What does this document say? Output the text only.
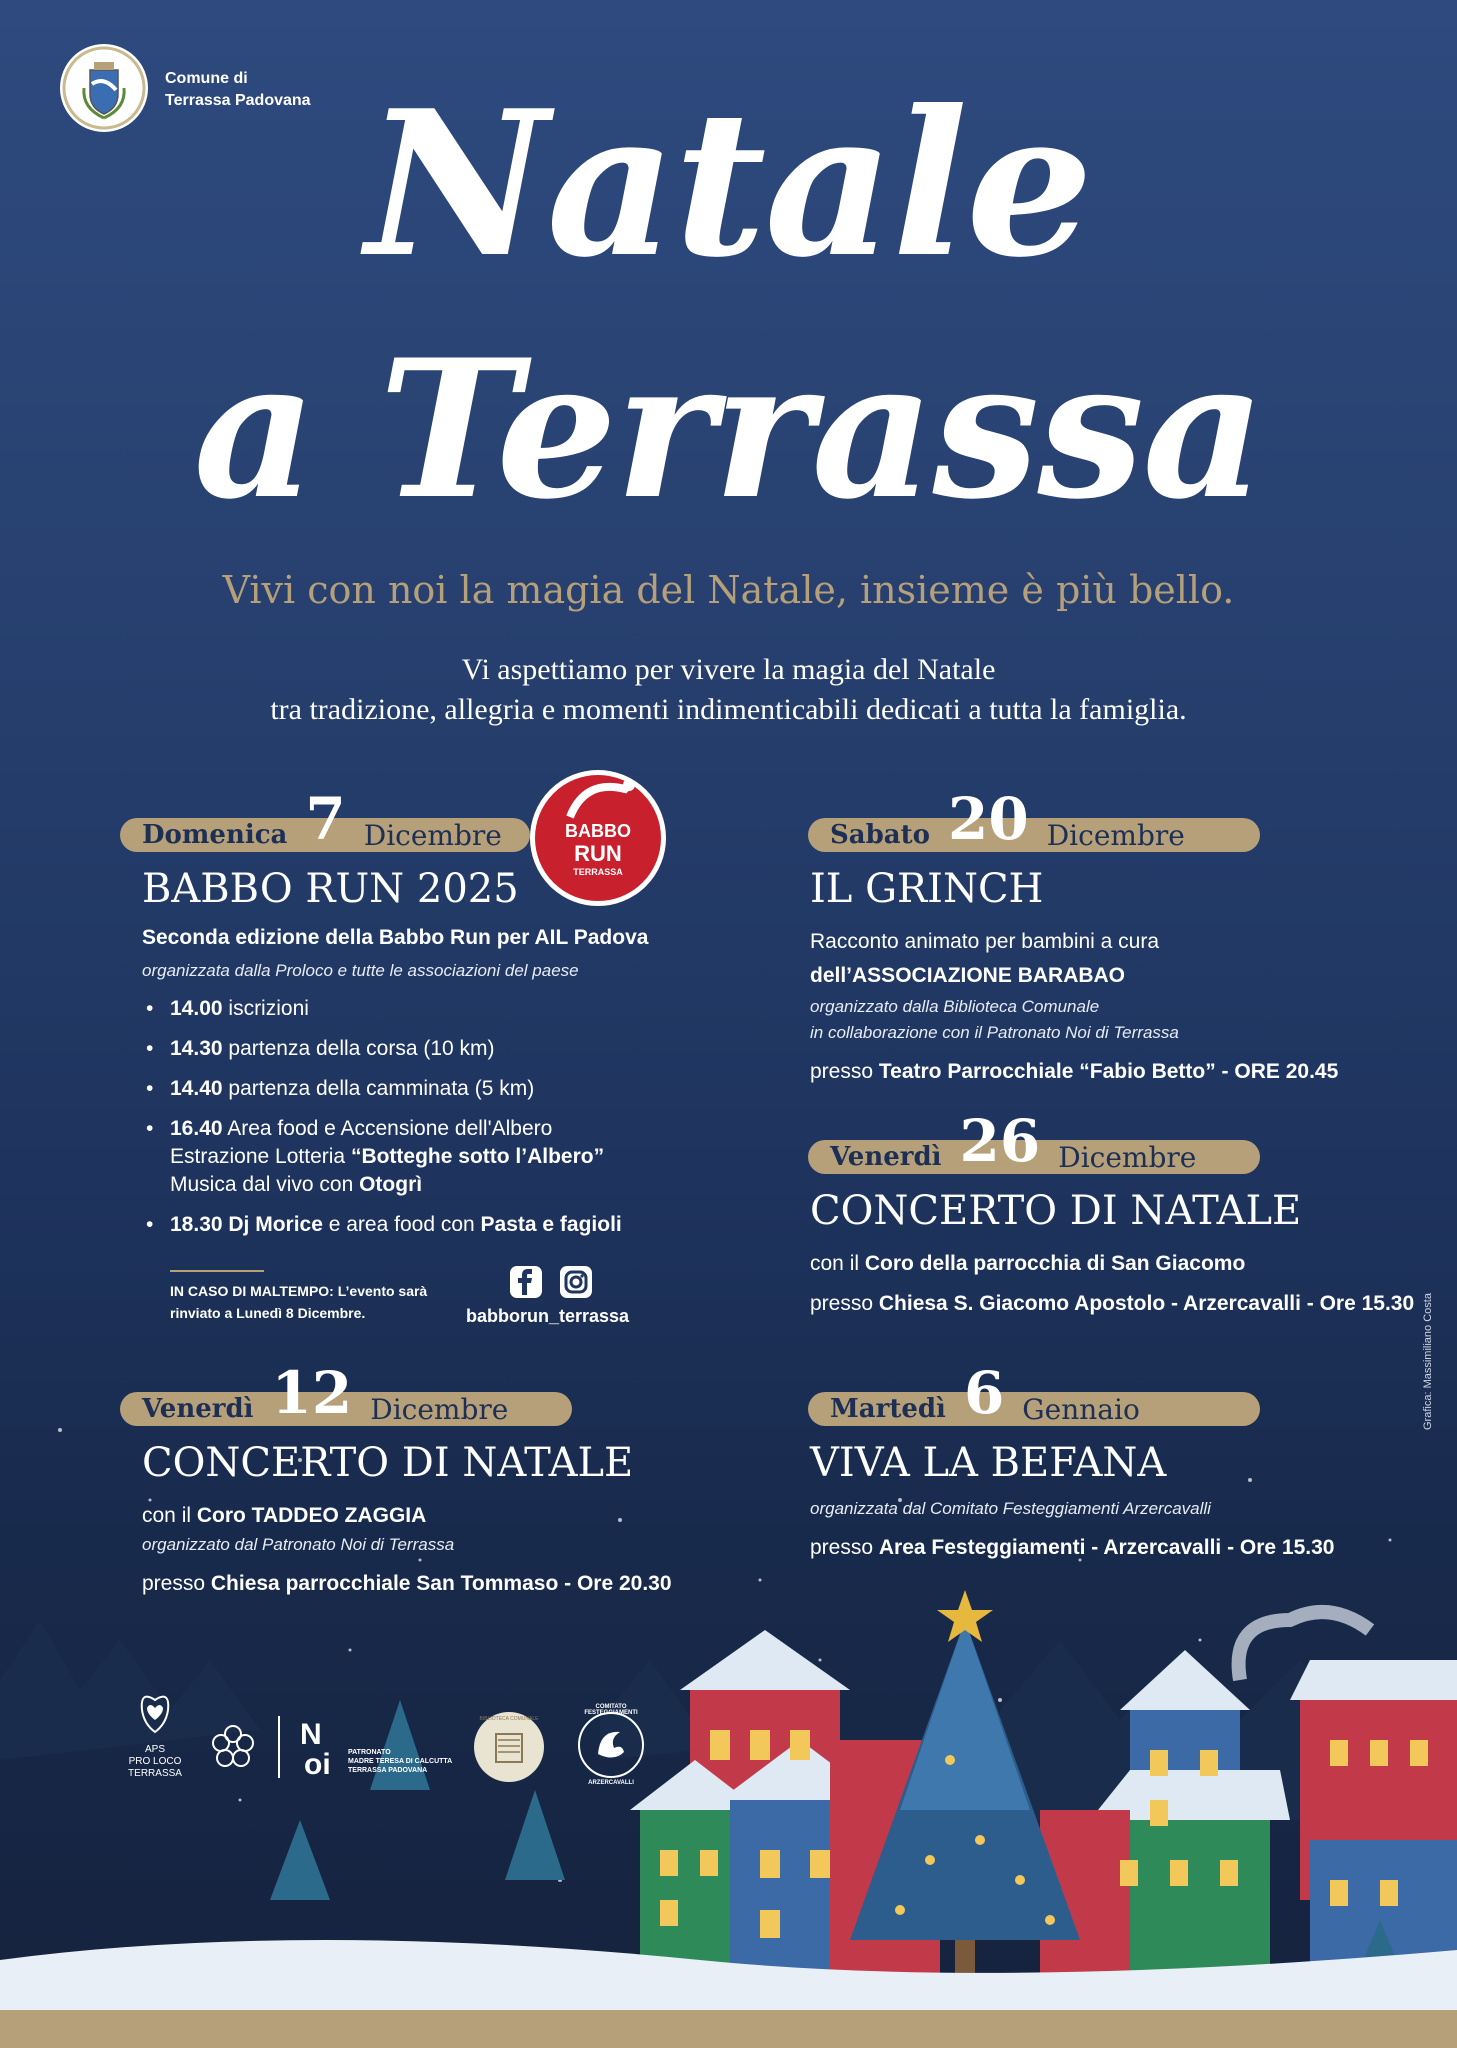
Comune di
Terrassa Padovana Natale
a Terrassa
Vivi con noi la magia del Natale, insieme è più bello.
Vi aspettiamo per vivere la magia del Natale
tra tradizione, allegria e momenti indimenticabili dedicati a tutta la famiglia.
Domenica 7 Dicembre	BABBO
RUN
TERRASSA
BABBO RUN 2025
Seconda edizione della Babbo Run per AIL Padova
organizzata dalla Proloco e tutte le associazioni del paese
• 14.00 iscrizioni
• 14.30 partenza della corsa (10 km)
• 14.40 partenza della camminata (5 km)
• 16.40 Area food e Accensione dell'Albero
Estrazione Lotteria “Botteghe sotto l’Albero”
Musica dal vivo con Otogrì
• 18.30 Dj Morice e area food con Pasta e fagioli
IN CASO DI MALTEMPO: L’evento sarà
rinviato a Lunedì 8 Dicembre.	babborun_terrassa
Sabato 20 Dicembre
IL GRINCH
Racconto animato per bambini a cura
dell’ASSOCIAZIONE BARABAO
organizzato dalla Biblioteca Comunale
in collaborazione con il Patronato Noi di Terrassa
presso Teatro Parrocchiale “Fabio Betto” - ORE 20.45
Venerdì 26 Dicembre
CONCERTO DI NATALE
con il Coro della parrocchia di San Giacomo
presso Chiesa S. Giacomo Apostolo - Arzercavalli - Ore 15.30
Venerdì 12 Dicembre
CONCERTO DI NATALE
con il Coro TADDEO ZAGGIA
organizzato dal Patronato Noi di Terrassa
presso Chiesa parrocchiale San Tommaso - Ore 20.30
Martedì 6 Gennaio
VIVA LA BEFANA
organizzata dal Comitato Festeggiamenti Arzercavalli
presso Area Festeggiamenti - Arzercavalli - Ore 15.30
Grafica: Massimiliano Costa
APS
PRO LOCO
TERRASSA
N
oi PATRONATO
MADRE TERESA DI CALCUTTA
TERRASSA PADOVANA
BIBLIOTECA COMUNALE
COMITATO FESTEGGIAMENTI
ARZERCAVALLI
